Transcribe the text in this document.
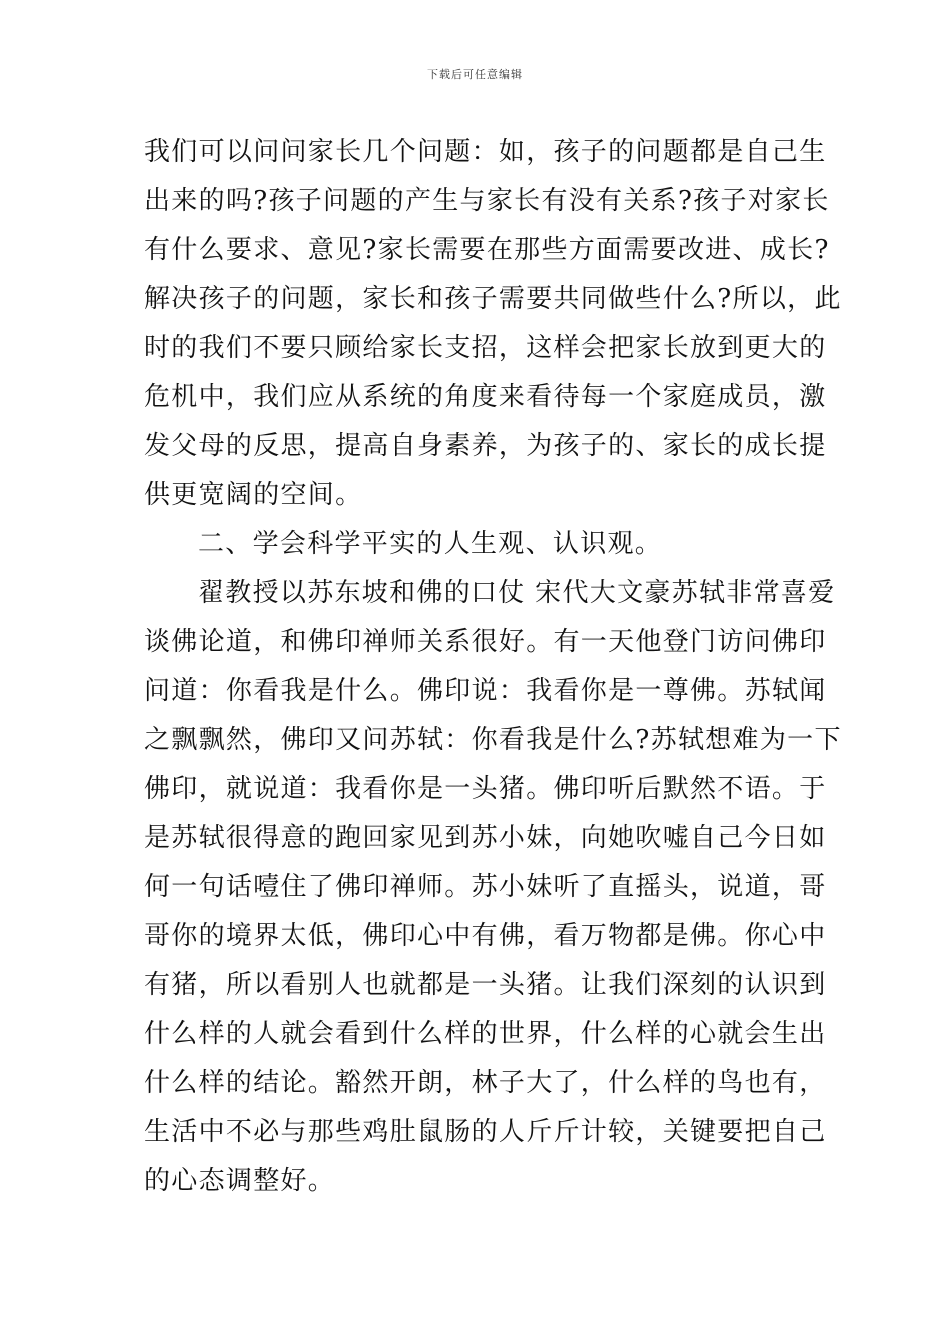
下载后可任意编辑
我们可以问问家长几个问题：如，孩子的问题都是自己生
出来的吗?孩子问题的产生与家长有没有关系?孩子对家长
有什么要求、意见?家长需要在那些方面需要改进、成长?
解决孩子的问题，家长和孩子需要共同做些什么?所以，此
时的我们不要只顾给家长支招，这样会把家长放到更大的
危机中，我们应从系统的角度来看待每一个家庭成员，激
发父母的反思，提高自身素养，为孩子的、家长的成长提
供更宽阔的空间。
二、学会科学平实的人生观、认识观。
翟教授以苏东坡和佛的口仗 宋代大文豪苏轼非常喜爱
谈佛论道，和佛印禅师关系很好。有一天他登门访问佛印
问道：你看我是什么。佛印说：我看你是一尊佛。苏轼闻
之飘飘然，佛印又问苏轼：你看我是什么?苏轼想难为一下
佛印，就说道：我看你是一头猪。佛印听后默然不语。于
是苏轼很得意的跑回家见到苏小妹，向她吹嘘自己今日如
何一句话噎住了佛印禅师。苏小妹听了直摇头，说道，哥
哥你的境界太低，佛印心中有佛，看万物都是佛。你心中
有猪，所以看别人也就都是一头猪。让我们深刻的认识到
什么样的人就会看到什么样的世界，什么样的心就会生出
什么样的结论。豁然开朗，林子大了，什么样的鸟也有，
生活中不必与那些鸡肚鼠肠的人斤斤计较，关键要把自己
的心态调整好。
